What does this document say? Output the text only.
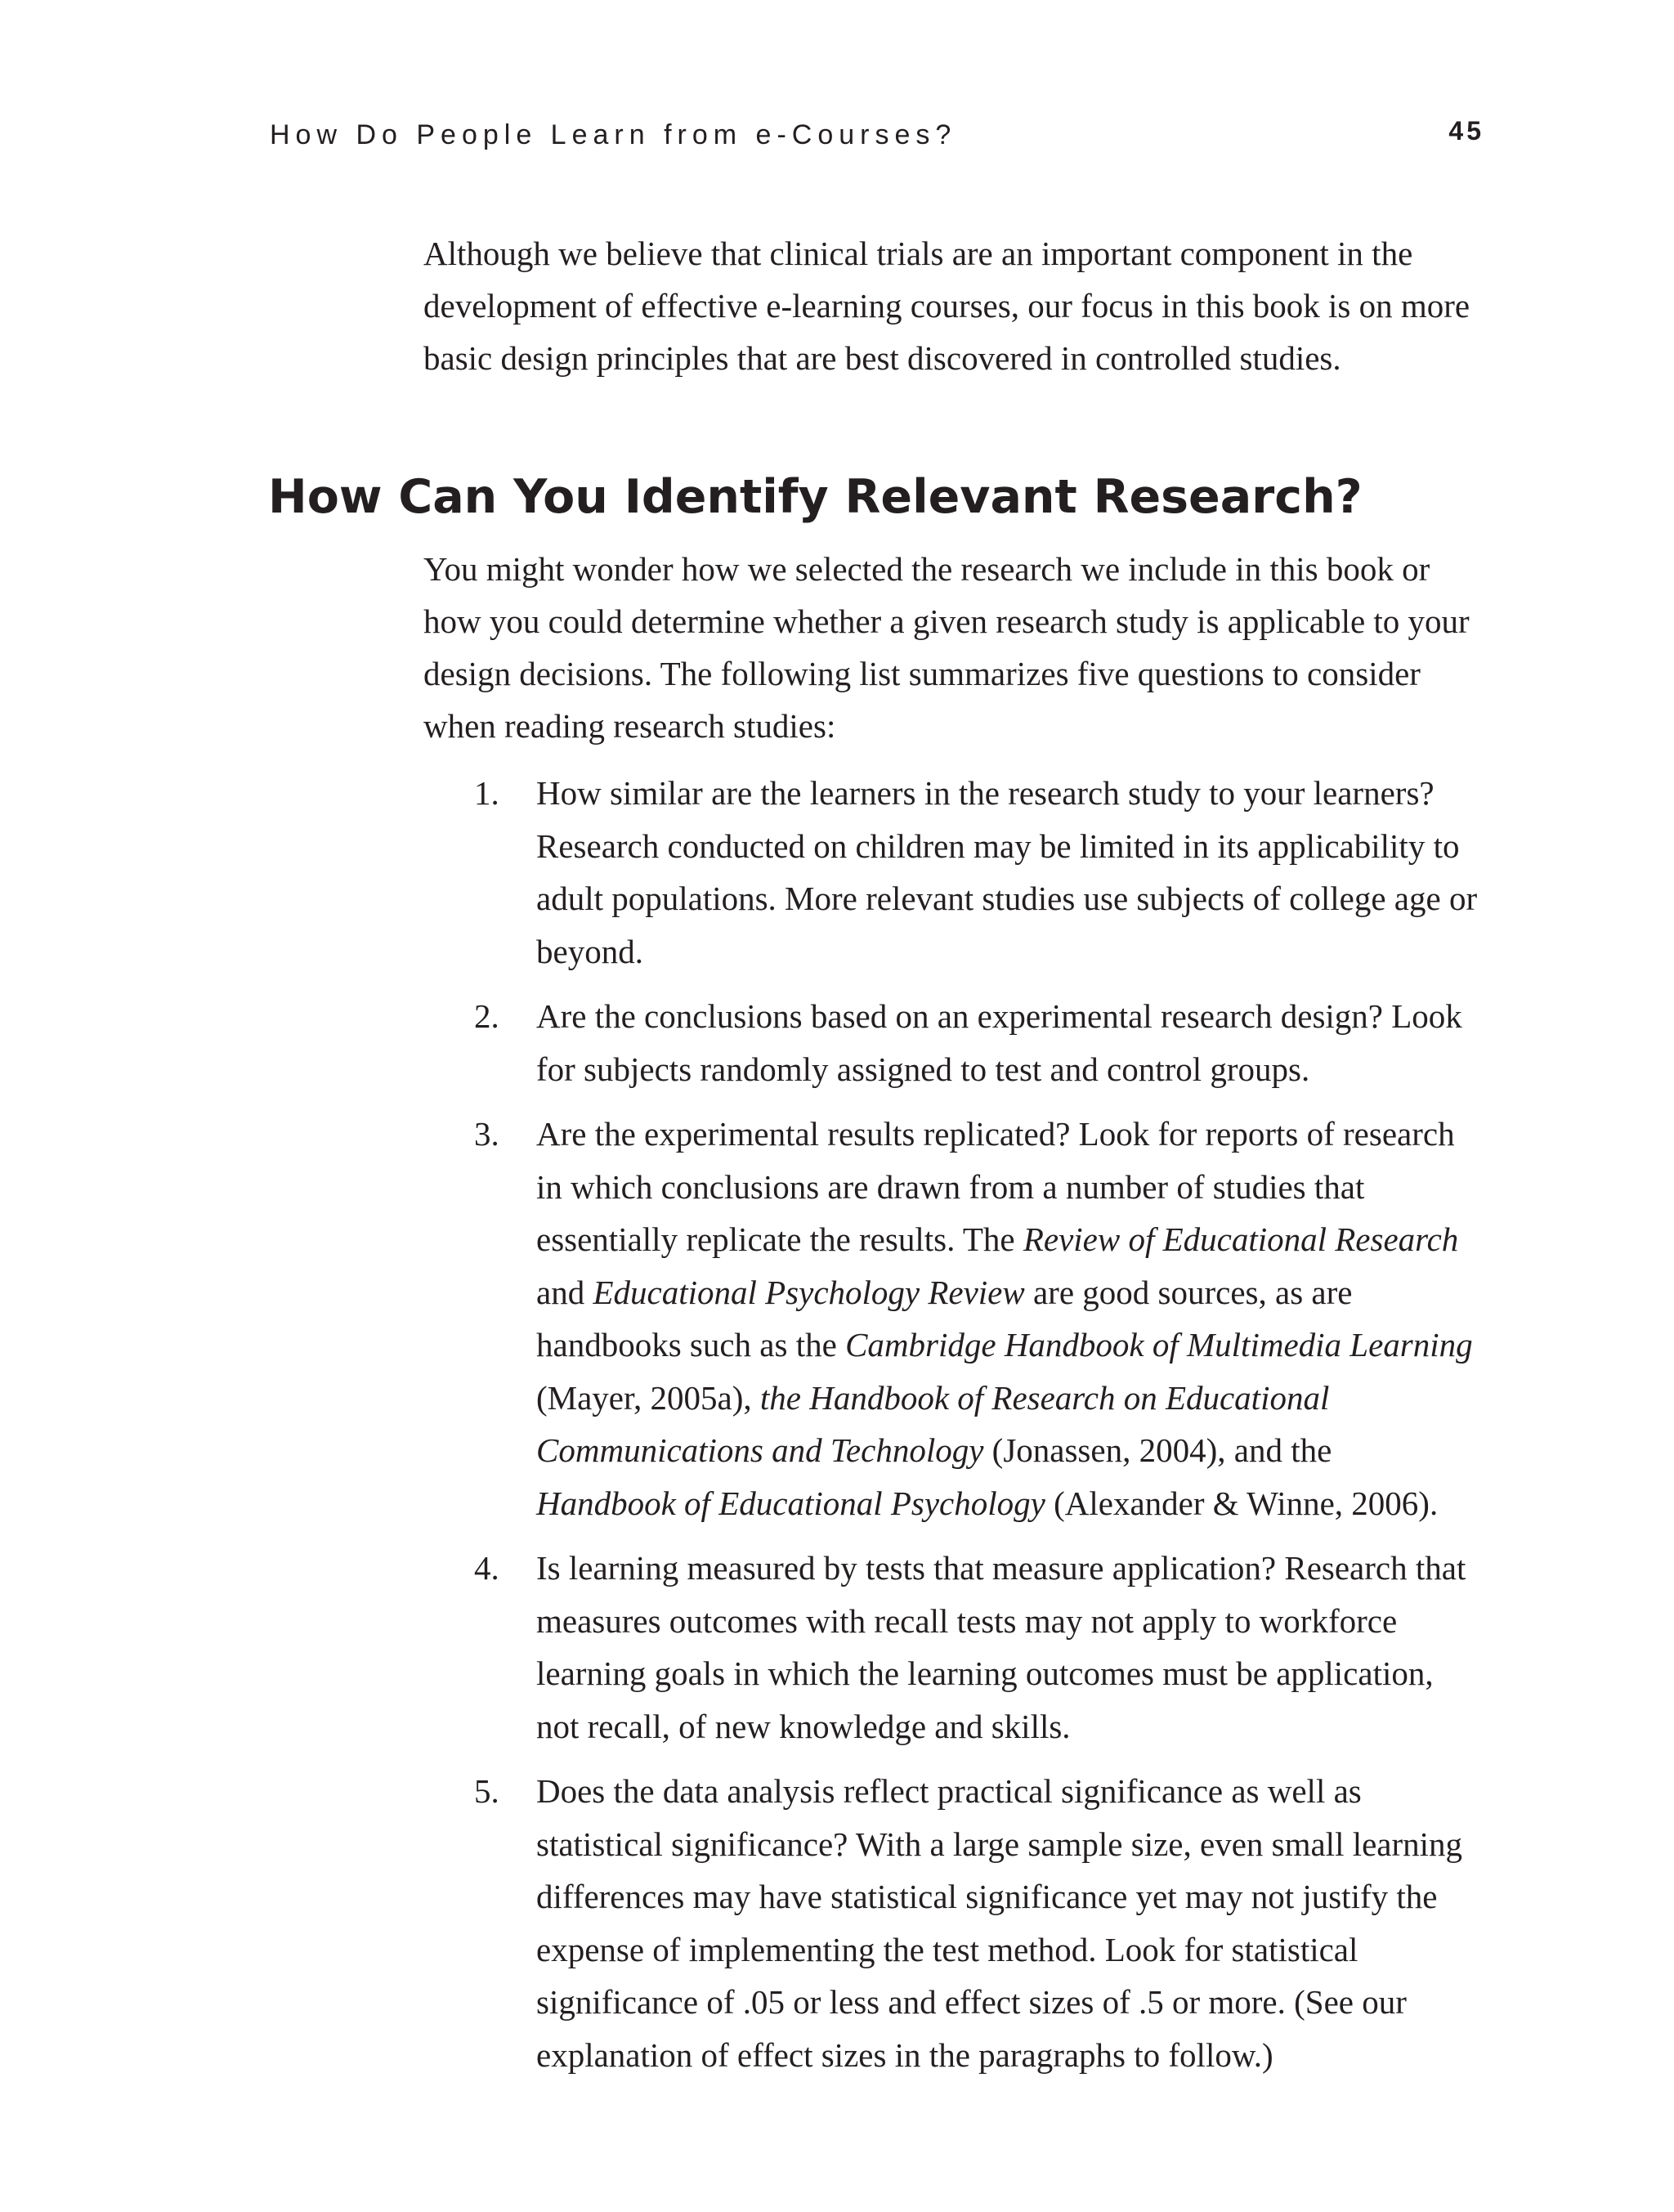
How Do People Learn from e-Courses?	45

Although we believe that clinical trials are an important component in the development of effective e-learning courses, our focus in this book is on more basic design principles that are best discovered in controlled studies.

How Can You Identify Relevant Research?

You might wonder how we selected the research we include in this book or how you could determine whether a given research study is applicable to your design decisions. The following list summarizes five questions to consider when reading research studies:

1. How similar are the learners in the research study to your learners? Research conducted on children may be limited in its applicability to adult populations. More relevant studies use subjects of college age or beyond.

2. Are the conclusions based on an experimental research design? Look for subjects randomly assigned to test and control groups.

3. Are the experimental results replicated? Look for reports of research in which conclusions are drawn from a number of studies that essentially replicate the results. The Review of Educational Research and Educational Psychology Review are good sources, as are handbooks such as the Cambridge Handbook of Multimedia Learning (Mayer, 2005a), the Handbook of Research on Educational Communications and Technology (Jonassen, 2004), and the Handbook of Educational Psychology (Alexander & Winne, 2006).

4. Is learning measured by tests that measure application? Research that measures outcomes with recall tests may not apply to workforce learning goals in which the learning outcomes must be application, not recall, of new knowledge and skills.

5. Does the data analysis reflect practical significance as well as statistical significance? With a large sample size, even small learning differences may have statistical significance yet may not justify the expense of implementing the test method. Look for statistical significance of .05 or less and effect sizes of .5 or more. (See our explanation of effect sizes in the paragraphs to follow.)
